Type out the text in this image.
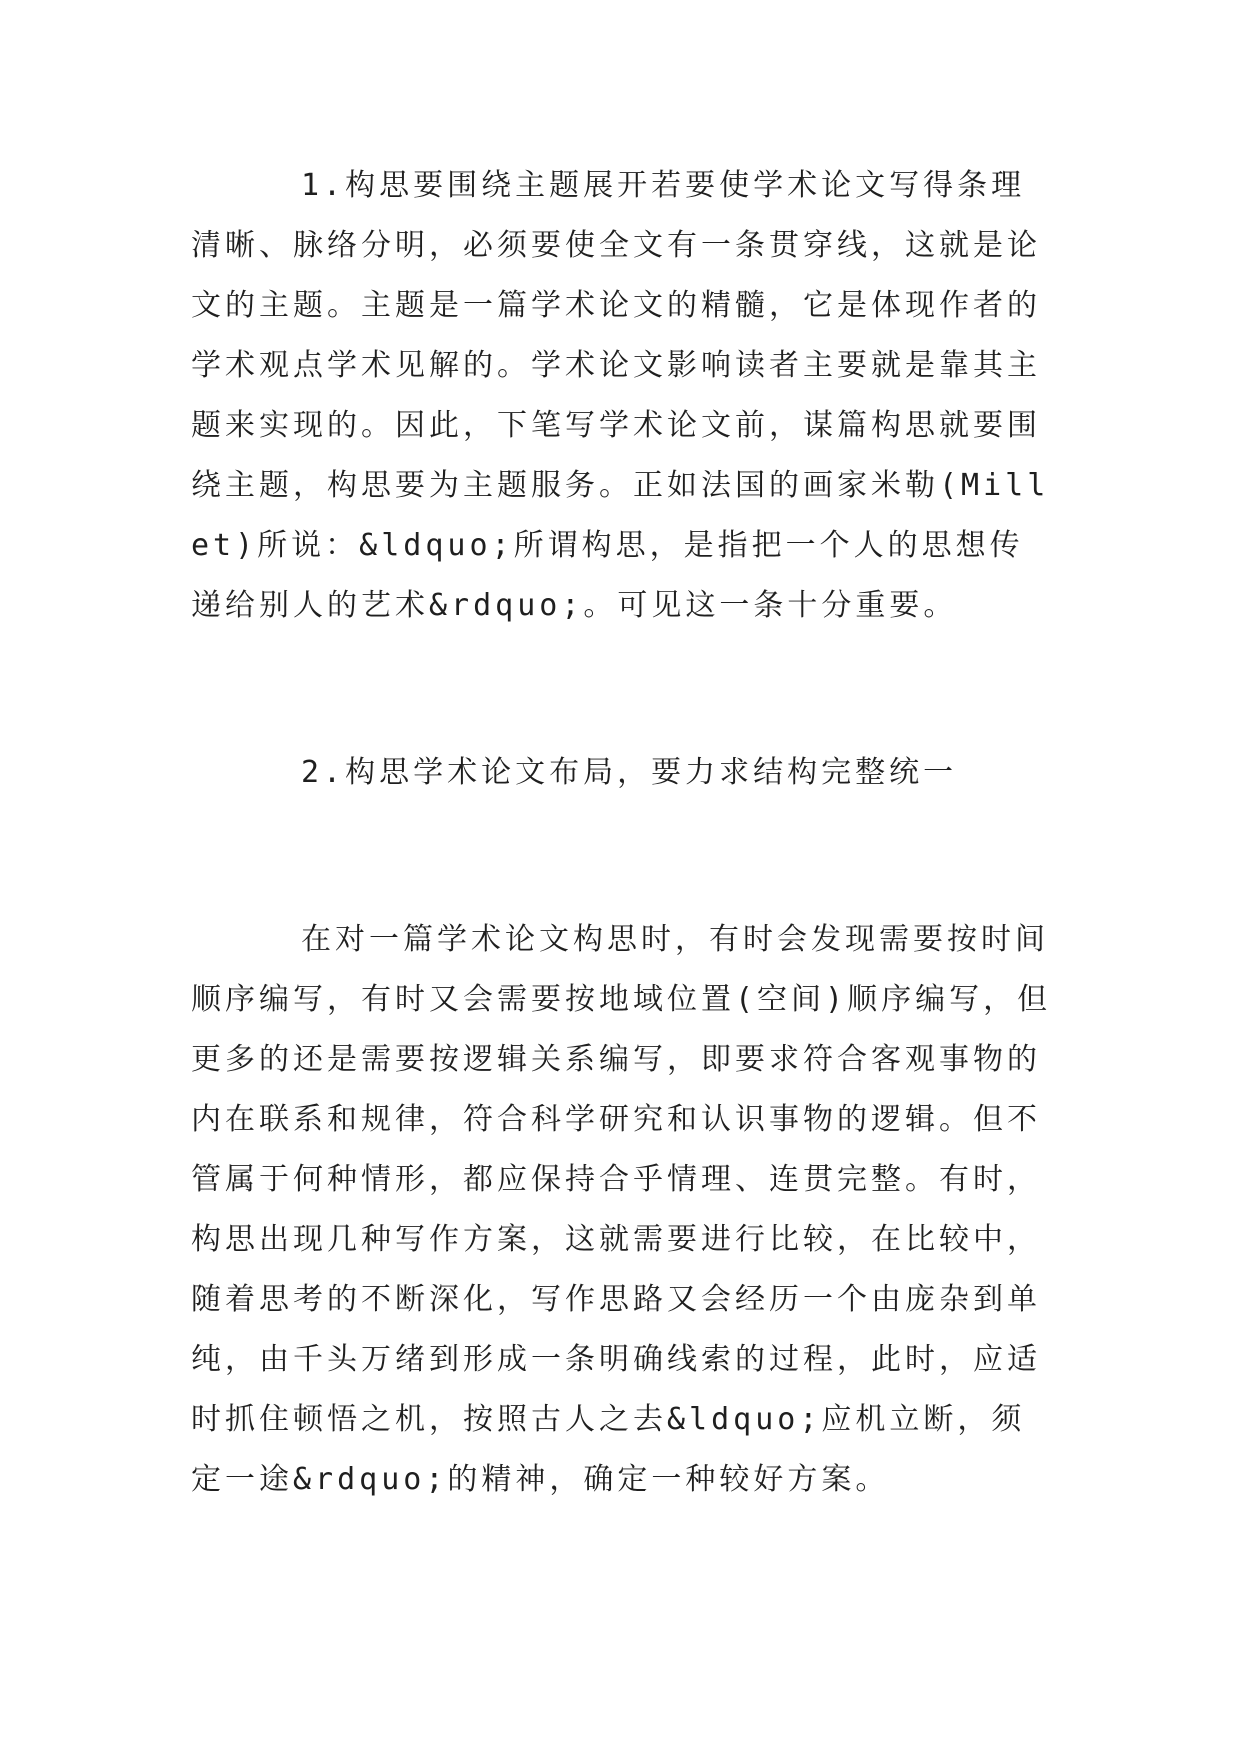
1.构思要围绕主题展开若要使学术论文写得条理清晰、脉络分明，必须要使全文有一条贯穿线，这就是论文的主题。主题是一篇学术论文的精髓，它是体现作者的学术观点学术见解的。学术论文影响读者主要就是靠其主题来实现的。因此，下笔写学术论文前，谋篇构思就要围绕主题，构思要为主题服务。正如法国的画家米勒(Millet)所说：&ldquo;所谓构思，是指把一个人的思想传递给别人的艺术&rdquo;。可见这一条十分重要。

2.构思学术论文布局，要力求结构完整统一

在对一篇学术论文构思时，有时会发现需要按时间顺序编写，有时又会需要按地域位置(空间)顺序编写，但更多的还是需要按逻辑关系编写，即要求符合客观事物的内在联系和规律，符合科学研究和认识事物的逻辑。但不管属于何种情形，都应保持合乎情理、连贯完整。有时，构思出现几种写作方案，这就需要进行比较，在比较中，随着思考的不断深化，写作思路又会经历一个由庞杂到单纯，由千头万绪到形成一条明确线索的过程，此时，应适时抓住顿悟之机，按照古人之去&ldquo;应机立断，须定一途&rdquo;的精神，确定一种较好方案。
